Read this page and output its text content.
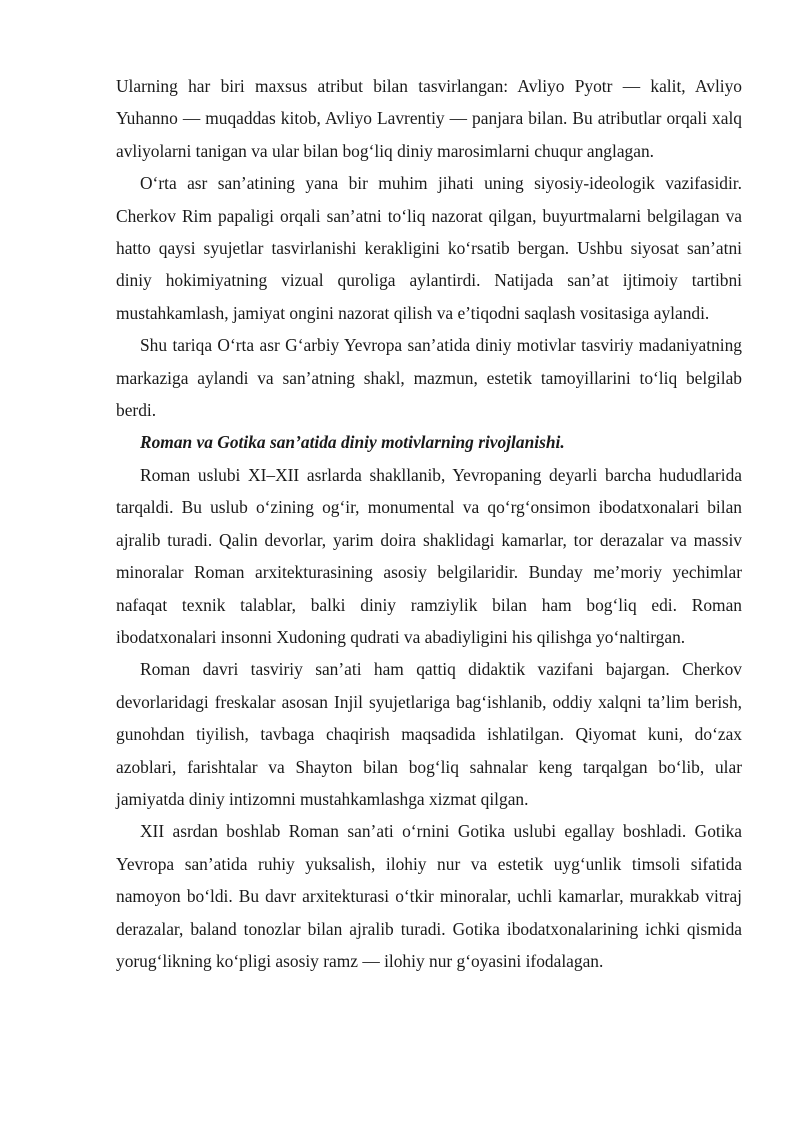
Ularning har biri maxsus atribut bilan tasvirlangan: Avliyo Pyotr — kalit, Avliyo Yuhanno — muqaddas kitob, Avliyo Lavrentiy — panjara bilan. Bu atributlar orqali xalq avliyolarni tanigan va ular bilan bog‘liq diniy marosimlarni chuqur anglagan.

O‘rta asr san’atining yana bir muhim jihati uning siyosiy-ideologik vazifasidir. Cherkov Rim papaligi orqali san’atni to‘liq nazorat qilgan, buyurtmalarni belgilagan va hatto qaysi syujetlar tasvirlanishi kerakligini ko‘rsatib bergan. Ushbu siyosat san’atni diniy hokimiyatning vizual quroliga aylantirdi. Natijada san’at ijtimoiy tartibni mustahkamlash, jamiyat ongini nazorat qilish va e’tiqodni saqlash vositasiga aylandi.

Shu tariqa O‘rta asr G‘arbiy Yevropa san’atida diniy motivlar tasviriy madaniyatning markaziga aylandi va san’atning shakl, mazmun, estetik tamoyillarini to‘liq belgilab berdi.

Roman va Gotika san’atida diniy motivlarning rivojlanishi.

Roman uslubi XI–XII asrlarda shakllanib, Yevropaning deyarli barcha hududlarida tarqaldi. Bu uslub o‘zining og‘ir, monumental va qo‘rg‘onsimon ibodatxonalari bilan ajralib turadi. Qalin devorlar, yarim doira shaklidagi kamarlar, tor derazalar va massiv minoralar Roman arxitekturasining asosiy belgilaridir. Bunday me’moriy yechimlar nafaqat texnik talablar, balki diniy ramziylik bilan ham bog‘liq edi. Roman ibodatxonalari insonni Xudoning qudrati va abadiyligini his qilishga yo‘naltirgan.

Roman davri tasviriy san’ati ham qattiq didaktik vazifani bajargan. Cherkov devorlaridagi freskalar asosan Injil syujetlariga bag‘ishlanib, oddiy xalqni ta’lim berish, gunohdan tiyilish, tavbaga chaqirish maqsadida ishlatilgan. Qiyomat kuni, do‘zax azoblari, farishtalar va Shayton bilan bog‘liq sahnalar keng tarqalgan bo‘lib, ular jamiyatda diniy intizomni mustahkamlashga xizmat qilgan.

XII asrdan boshlab Roman san’ati o‘rnini Gotika uslubi egallay boshladi. Gotika Yevropa san’atida ruhiy yuksalish, ilohiy nur va estetik uyg‘unlik timsoli sifatida namoyon bo‘ldi. Bu davr arxitekturasi o‘tkir minoralar, uchli kamarlar, murakkab vitraj derazalar, baland tonozlar bilan ajralib turadi. Gotika ibodatxonalarining ichki qismida yorug‘likning ko‘pligi asosiy ramz — ilohiy nur g‘oyasini ifodalagan.
